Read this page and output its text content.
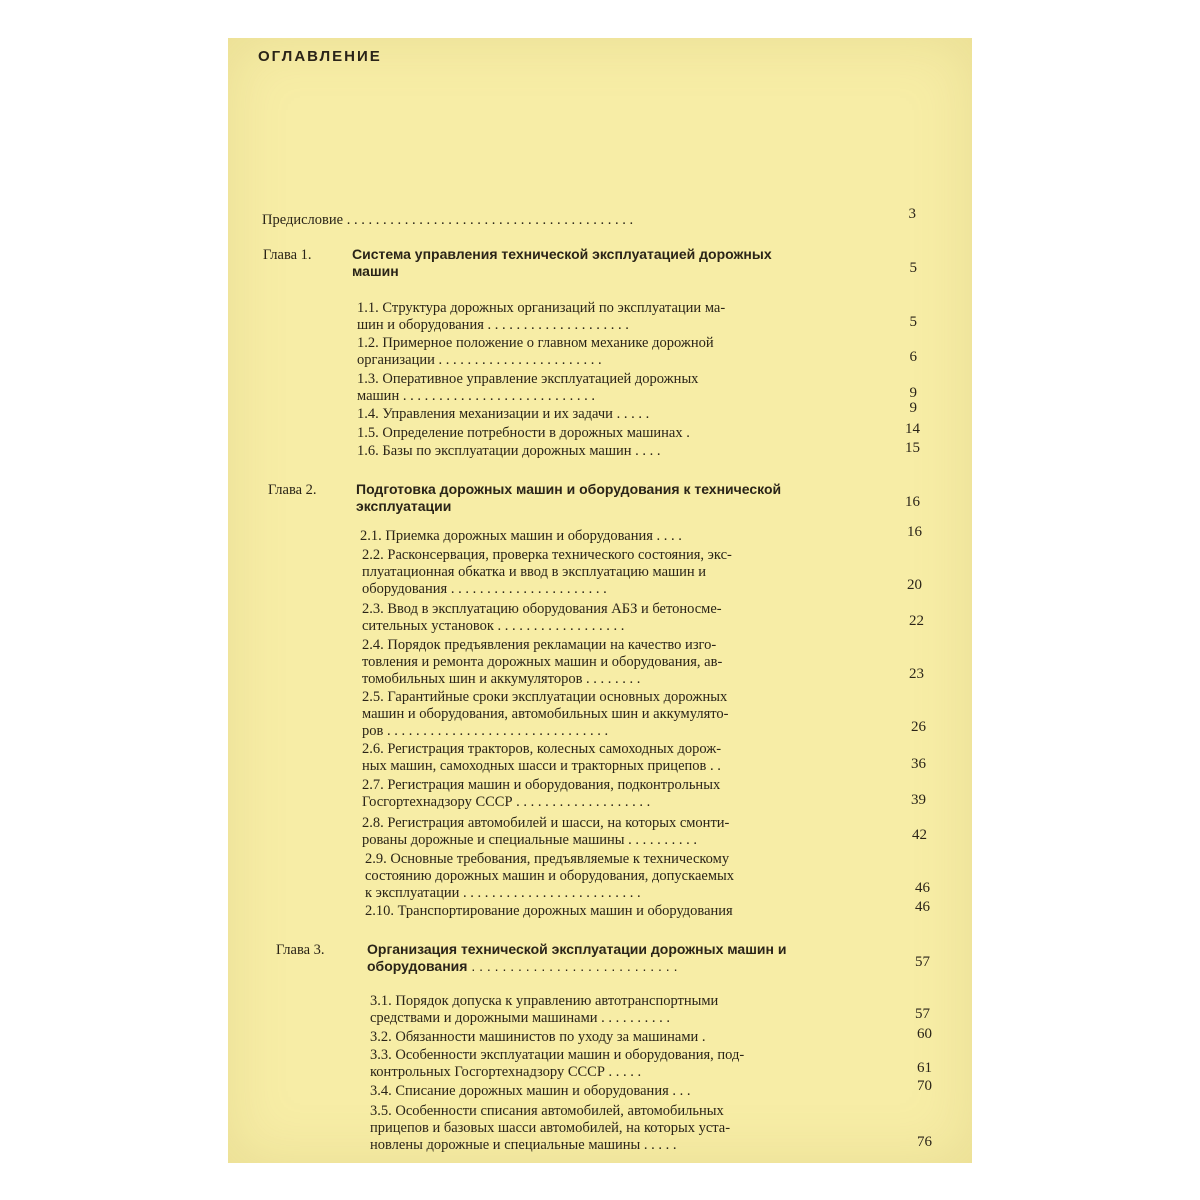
ОГЛАВЛЕНИЕ
Предисловие . . . . . . . . . . . . . . . . . . . . . . . . . . . . . . . . . . . . . . . .	3
Глава 1.	Система управления технической эксплуатацией дорожных
машин	5
1.1. Структура дорожных организаций по эксплуатации ма-
шин и оборудования . . . . . . . . . . . . . . . . . . . .	5
1.2. Примерное положение о главном механике дорожной
организации . . . . . . . . . . . . . . . . . . . . . . .	6
1.3. Оперативное управление эксплуатацией дорожных
машин . . . . . . . . . . . . . . . . . . . . . . . . . . .	9
1.4. Управления механизации и их задачи . . . . .	9
1.5. Определение потребности в дорожных машинах .	14
1.6. Базы по эксплуатации дорожных машин . . . .	15
Глава 2.	Подготовка дорожных машин и оборудования к технической
эксплуатации	16
2.1. Приемка дорожных машин и оборудования . . . .	16
2.2. Расконсервация, проверка технического состояния, экс-
плуатационная обкатка и ввод в эксплуатацию машин и
оборудования . . . . . . . . . . . . . . . . . . . . . .	20
2.3. Ввод в эксплуатацию оборудования АБЗ и бетоносме-
сительных установок . . . . . . . . . . . . . . . . . .	22
2.4. Порядок предъявления рекламации на качество изго-
товления и ремонта дорожных машин и оборудования, ав-
томобильных шин и аккумуляторов . . . . . . . .	23
2.5. Гарантийные сроки эксплуатации основных дорожных
машин и оборудования, автомобильных шин и аккумулято-
ров . . . . . . . . . . . . . . . . . . . . . . . . . . . . . . .	26
2.6. Регистрация тракторов, колесных самоходных дорож-
ных машин, самоходных шасси и тракторных прицепов . .	36
2.7. Регистрация машин и оборудования, подконтрольных
Госгортехнадзору СССР . . . . . . . . . . . . . . . . . . .	39
2.8. Регистрация автомобилей и шасси, на которых смонти-
рованы дорожные и специальные машины . . . . . . . . . .	42
2.9. Основные требования, предъявляемые к техническому
состоянию дорожных машин и оборудования, допускаемых
к эксплуатации . . . . . . . . . . . . . . . . . . . . . . . . .	46
2.10. Транспортирование дорожных машин и оборудования	46
Глава 3.	Организация технической эксплуатации дорожных машин и
оборудования . . . . . . . . . . . . . . . . . . . . . . . . . . .	57
3.1. Порядок допуска к управлению автотранспортными
средствами и дорожными машинами . . . . . . . . . .	57
3.2. Обязанности машинистов по уходу за машинами .	60
3.3. Особенности эксплуатации машин и оборудования, под-
контрольных Госгортехнадзору СССР . . . . .	61
3.4. Списание дорожных машин и оборудования . . .	70
3.5. Особенности списания автомобилей, автомобильных
прицепов и базовых шасси автомобилей, на которых уста-
новлены дорожные и специальные машины . . . . .	76
